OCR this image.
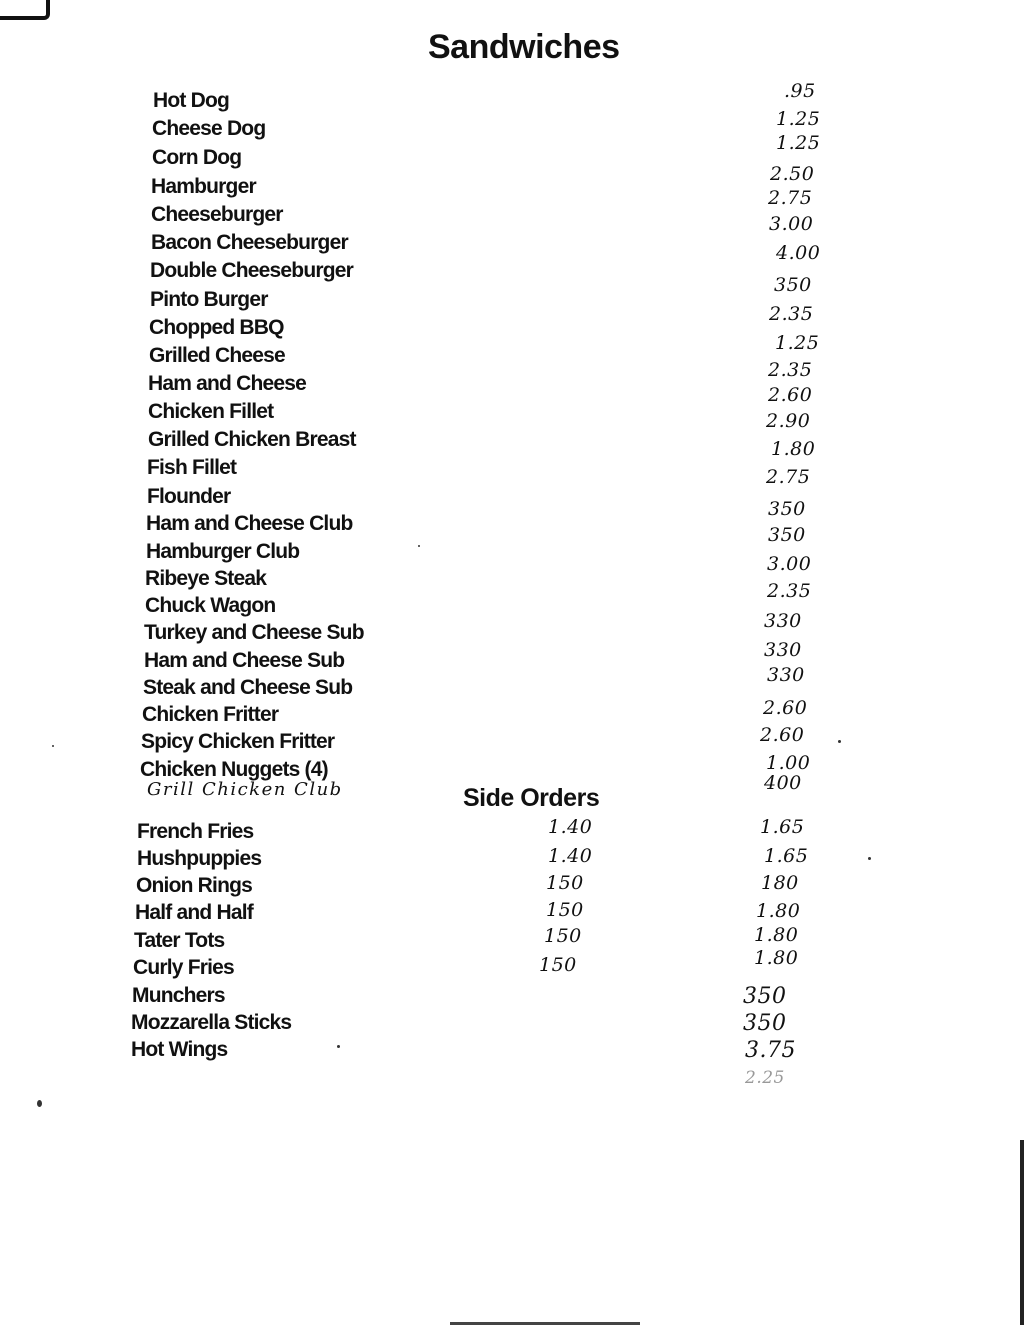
Sandwiches
Hot Dog
Cheese Dog
Corn Dog
Hamburger
Cheeseburger
Bacon Cheeseburger
Double Cheeseburger
Pinto Burger
Chopped BBQ
Grilled Cheese
Ham and Cheese
Chicken Fillet
Grilled Chicken Breast
Fish Fillet
Flounder
Ham and Cheese Club
Hamburger Club
Ribeye Steak
Chuck Wagon
Turkey and Cheese Sub
Ham and Cheese Sub
Steak and Cheese Sub
Chicken Fritter
Spicy Chicken Fritter
Chicken Nuggets (4)
Grill Chicken Club
.95
1.25
1.25
2.50
2.75
3.00
4.00
350
2.35
1.25
2.35
2.60
2.90
1.80
2.75
350
350
3.00
2.35
330
330
330
2.60
2.60
1.00
400
Side Orders
French Fries
Hushpuppies
Onion Rings
Half and Half
Tater Tots
Curly Fries
Munchers
Mozzarella Sticks
Hot Wings
1.40
1.40
150
150
150
150
1.65
1.65
180
1.80
1.80
1.80
350
350
3.75
2.25
